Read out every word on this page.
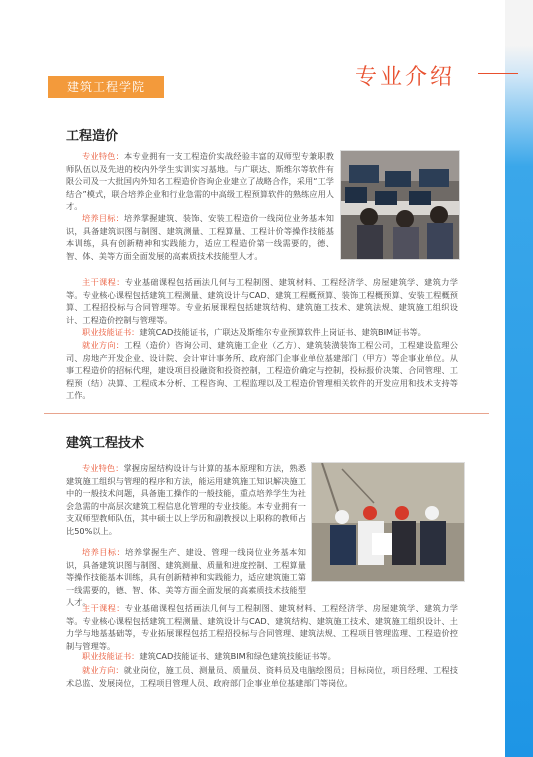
建筑工程学院	专业介绍
工程造价

专业特色：本专业拥有一支工程造价实战经验丰富的双师型专兼职教师队伍以及先进的校内外学生实训实习基地。与广联达、斯维尔等软件有限公司及一大批国内外知名工程造价咨询企业建立了战略合作，采用“工学结合”模式，联合培养企业和行业急需的中高级工程预算软件的熟练应用人才。

培养目标：培养掌握建筑、装饰、安装工程造价一线岗位业务基本知识，具备建筑识图与制图、建筑测量、工程算量、工程计价等操作技能基本训练，具有创新精神和实践能力，适应工程造价第一线需要的，德、智、体、美等方面全面发展的高素质技术技能型人才。

主干课程：专业基础课程包括画法几何与工程制图、建筑材料、工程经济学、房屋建筑学、建筑力学等。专业核心课程包括建筑工程测量、建筑设计与CAD、建筑工程概预算、装饰工程概预算、安装工程概预算、工程招投标与合同管理等。专业拓展课程包括建筑结构、建筑施工技术、建筑法规、建筑施工组织设计、工程造价控制与管理等。

职业技能证书：建筑CAD技能证书，广联达及斯维尔专业预算软件上岗证书、建筑BIM证书等。

就业方向：工程（造价）咨询公司、建筑施工企业（乙方）、建筑装潢装饰工程公司，工程建设监理公司、房地产开发企业、设计院、会计审计事务所、政府部门企事业单位基建部门（甲方）等企事业单位。从事工程造价的招标代理，建设项目投融资和投资控制，工程造价确定与控制，投标报价决策、合同管理、工程预（结）决算、工程成本分析、工程咨询、工程监理以及工程造价管理相关软件的开发应用和技术支持等工作。

建筑工程技术

专业特色：掌握房屋结构设计与计算的基本原理和方法，熟悉建筑施工组织与管理的程序和方法，能运用建筑施工知识解决施工中的一般技术问题，具备施工操作的一般技能，重点培养学生为社会急需的中高层次建筑工程信息化管理的专业技能。本专业拥有一支双师型教师队伍，其中硕士以上学历和副教授以上职称的教师占比50%以上。

培养目标：培养掌握生产、建设、管理一线岗位业务基本知识，具备建筑识图与制图、建筑测量、质量和进度控制、工程算量等操作技能基本训练，具有创新精神和实践能力，适应建筑施工第一线需要的，德、智、体、美等方面全面发展的高素质技术技能型人才。

主干课程：专业基础课程包括画法几何与工程制图、建筑材料、工程经济学、房屋建筑学、建筑力学等。专业核心课程包括建筑工程测量、建筑设计与CAD、建筑结构、建筑施工技术、建筑施工组织设计、土力学与地基基础等，专业拓展课程包括工程招投标与合同管理、建筑法规、工程项目管理监理、工程造价控制与管理等。

职业技能证书：建筑CAD技能证书、建筑BIM和绿色建筑技能证书等。

就业方向：就业岗位，施工员、测量员、质量员、资料员及电脑绘图员；目标岗位，项目经理、工程技术总监、发展岗位，工程项目管理人员、政府部门企事业单位基建部门等岗位。
